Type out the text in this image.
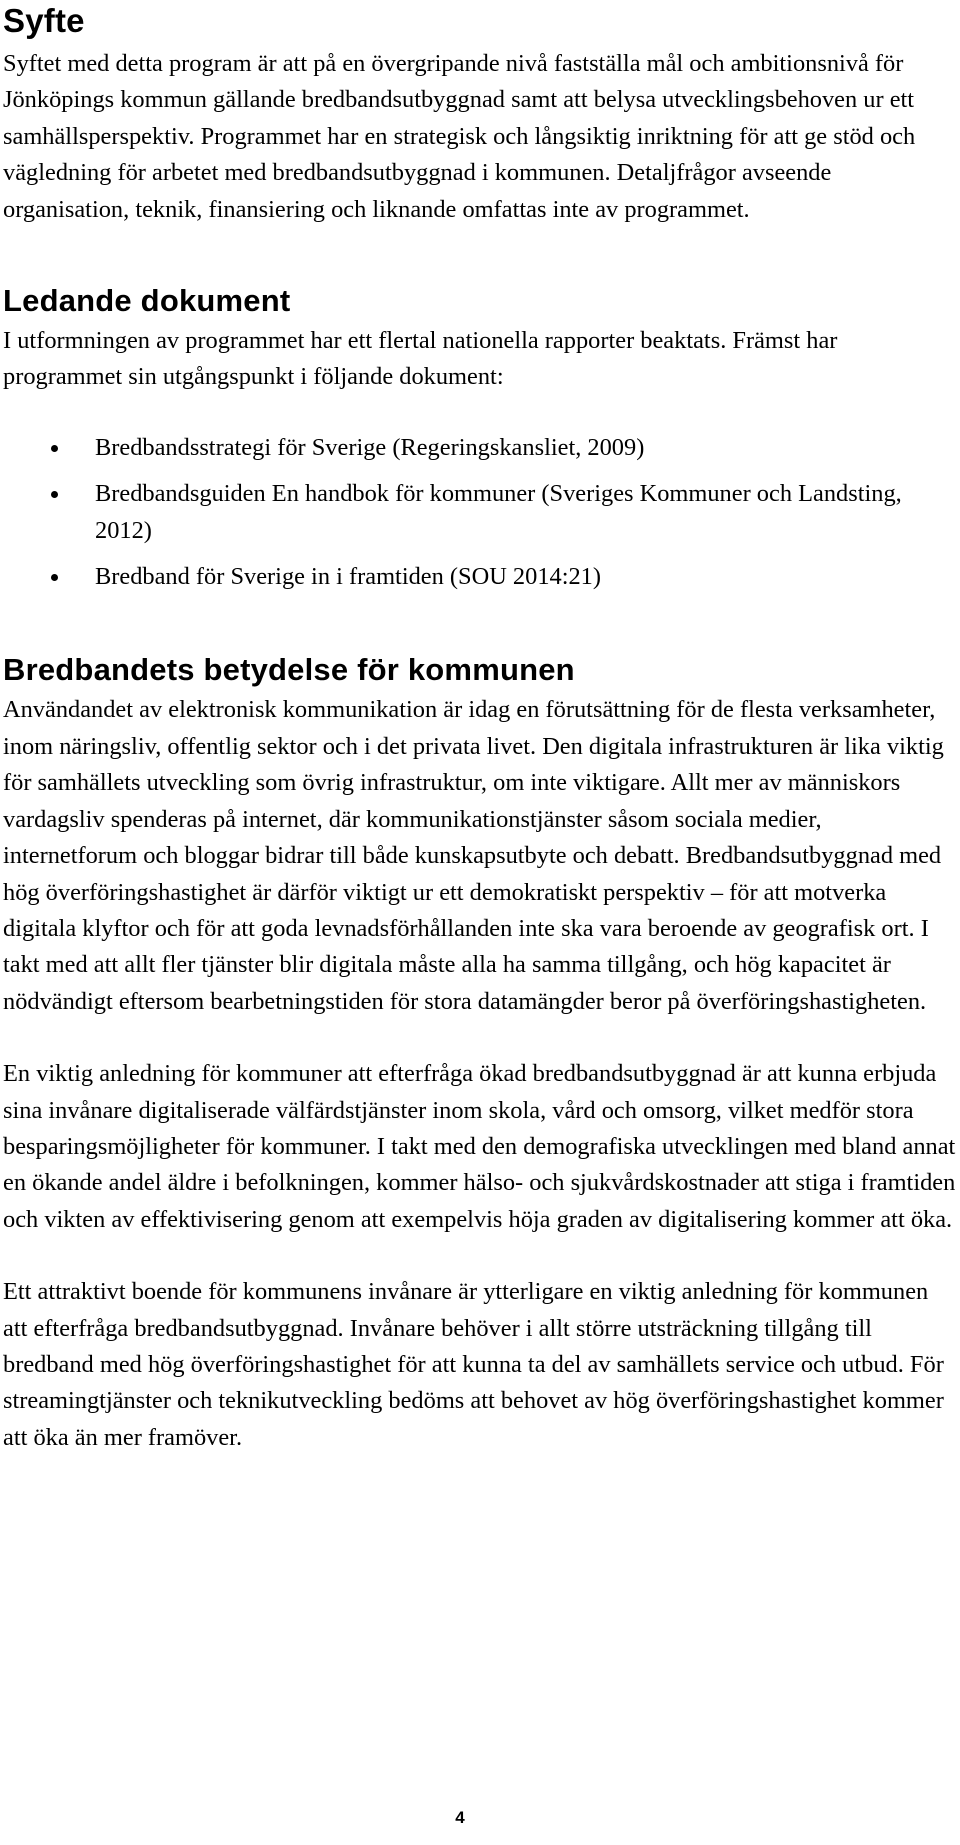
Syfte

Syftet med detta program är att på en övergripande nivå fastställa mål och ambitionsnivå för Jönköpings kommun gällande bredbandsutbyggnad samt att belysa utvecklingsbehoven ur ett samhällsperspektiv. Programmet har en strategisk och långsiktig inriktning för att ge stöd och vägledning för arbetet med bredbandsutbyggnad i kommunen. Detaljfrågor avseende organisation, teknik, finansiering och liknande omfattas inte av programmet.

Ledande dokument

I utformningen av programmet har ett flertal nationella rapporter beaktats. Främst har programmet sin utgångspunkt i följande dokument:

Bredbandsstrategi för Sverige (Regeringskansliet, 2009)
Bredbandsguiden En handbok för kommuner (Sveriges Kommuner och Landsting, 2012)
Bredband för Sverige in i framtiden (SOU 2014:21)
Bredbandets betydelse för kommunen

Användandet av elektronisk kommunikation är idag en förutsättning för de flesta verksamheter, inom näringsliv, offentlig sektor och i det privata livet. Den digitala infrastrukturen är lika viktig för samhällets utveckling som övrig infrastruktur, om inte viktigare. Allt mer av människors vardagsliv spenderas på internet, där kommunikationstjänster såsom sociala medier, internetforum och bloggar bidrar till både kunskapsutbyte och debatt. Bredbandsutbyggnad med hög överföringshastighet är därför viktigt ur ett demokratiskt perspektiv – för att motverka digitala klyftor och för att goda levnadsförhållanden inte ska vara beroende av geografisk ort. I takt med att allt fler tjänster blir digitala måste alla ha samma tillgång, och hög kapacitet är nödvändigt eftersom bearbetningstiden för stora datamängder beror på överföringshastigheten.

En viktig anledning för kommuner att efterfråga ökad bredbandsutbyggnad är att kunna erbjuda sina invånare digitaliserade välfärdstjänster inom skola, vård och omsorg, vilket medför stora besparingsmöjligheter för kommuner. I takt med den demografiska utvecklingen med bland annat en ökande andel äldre i befolkningen, kommer hälso- och sjukvårdskostnader att stiga i framtiden och vikten av effektivisering genom att exempelvis höja graden av digitalisering kommer att öka.

Ett attraktivt boende för kommunens invånare är ytterligare en viktig anledning för kommunen att efterfråga bredbandsutbyggnad. Invånare behöver i allt större utsträckning tillgång till bredband med hög överföringshastighet för att kunna ta del av samhällets service och utbud. För streamingtjänster och teknikutveckling bedöms att behovet av hög överföringshastighet kommer att öka än mer framöver.

4
